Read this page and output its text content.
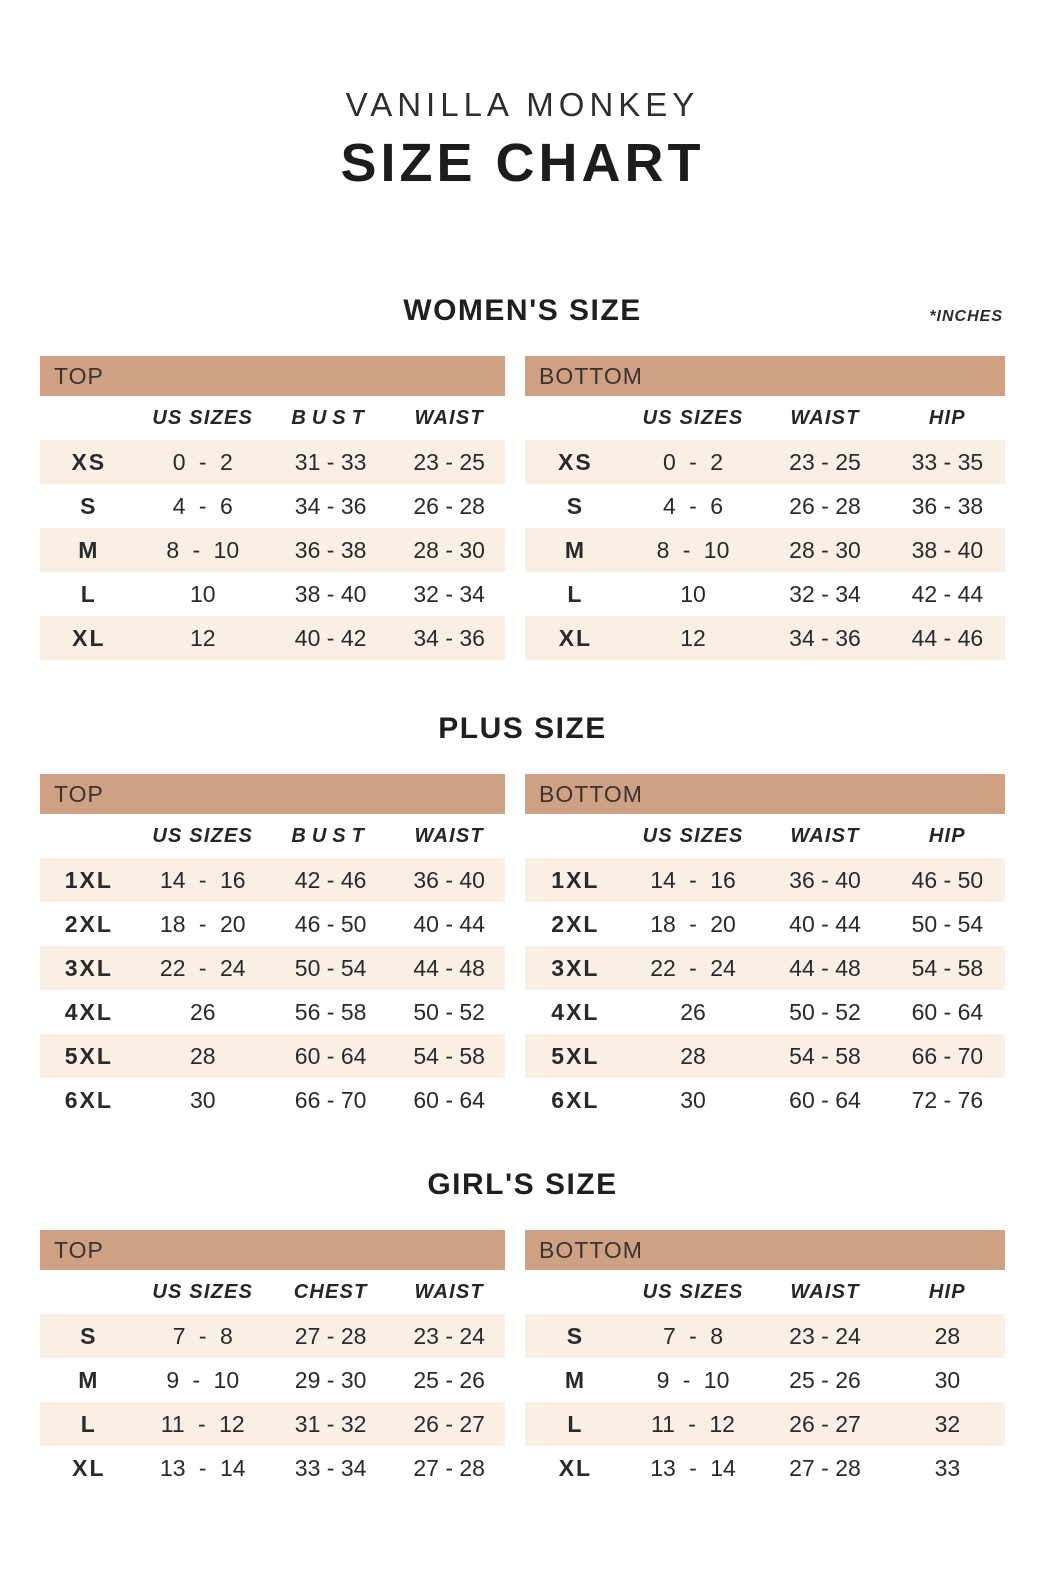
VANILLA MONKEY
SIZE CHART
WOMEN'S SIZE	*INCHES
TOP
US SIZES	BUST	WAIST
XS	0 - 2	31 - 33	23 - 25
S	4 - 6	34 - 36	26 - 28
M	8 - 10	36 - 38	28 - 30
L	10	38 - 40	32 - 34
XL	12	40 - 42	34 - 36
BOTTOM
US SIZES	WAIST	HIP
XS	0 - 2	23 - 25	33 - 35
S	4 - 6	26 - 28	36 - 38
M	8 - 10	28 - 30	38 - 40
L	10	32 - 34	42 - 44
XL	12	34 - 36	44 - 46
PLUS SIZE
TOP
US SIZES	BUST	WAIST
1XL	14 - 16	42 - 46	36 - 40
2XL	18 - 20	46 - 50	40 - 44
3XL	22 - 24	50 - 54	44 - 48
4XL	26	56 - 58	50 - 52
5XL	28	60 - 64	54 - 58
6XL	30	66 - 70	60 - 64
BOTTOM
US SIZES	WAIST	HIP
1XL	14 - 16	36 - 40	46 - 50
2XL	18 - 20	40 - 44	50 - 54
3XL	22 - 24	44 - 48	54 - 58
4XL	26	50 - 52	60 - 64
5XL	28	54 - 58	66 - 70
6XL	30	60 - 64	72 - 76
GIRL'S SIZE
TOP
US SIZES	CHEST	WAIST
S	7 - 8	27 - 28	23 - 24
M	9 - 10	29 - 30	25 - 26
L	11 - 12	31 - 32	26 - 27
XL	13 - 14	33 - 34	27 - 28
BOTTOM
US SIZES	WAIST	HIP
S	7 - 8	23 - 24	28
M	9 - 10	25 - 26	30
L	11 - 12	26 - 27	32
XL	13 - 14	27 - 28	33
